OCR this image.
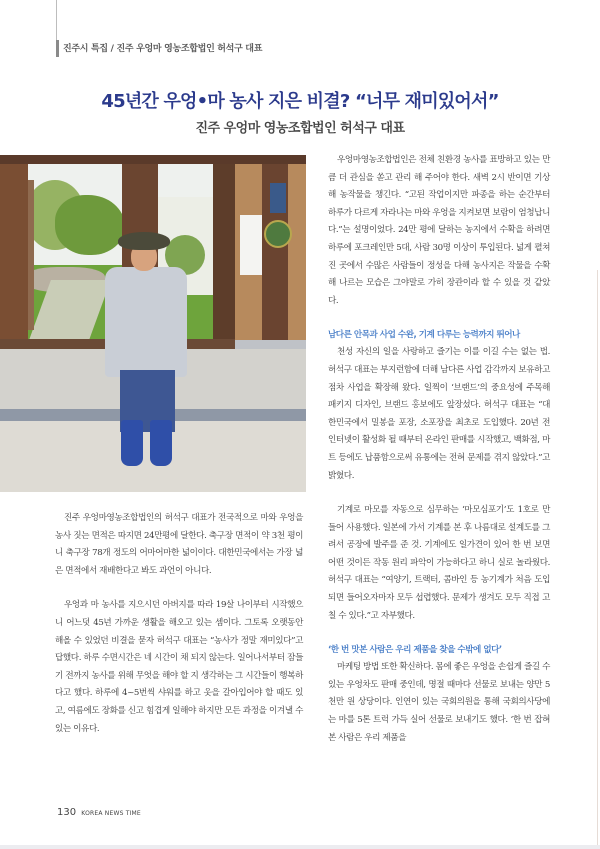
진주시 특집 / 진주 우엉마 영농조합법인 허석구 대표
45년간 우엉•마 농사 지은 비결? “너무 재미있어서”
진주 우엉마 영농조합법인 허석구 대표

진주 우엉마영농조합법인의 허석구 대표가 전국적으로 마와 우엉을 농사 짓는 면적은 따지면 24만평에 달한다. 축구장 면적이 약 3천 평이니 축구장 78개 정도의 어마어마한 넓이이다. 대한민국에서는 가장 넓은 면적에서 재배한다고 봐도 과언이 아니다.

우엉과 마 농사를 지으시던 아버지를 따라 19살 나이부터 시작했으니 어느덧 45년 가까운 생활을 해오고 있는 셈이다. 그토록 오랫동안 해올 수 있었던 비결을 묻자 허석구 대표는 “농사가 정말 재미있다”고 답했다. 하루 수면시간은 네 시간이 채 되지 않는다. 일어나서부터 잠들기 전까지 농사를 위해 무엇을 해야 할 지 생각하는 그 시간들이 행복하다고 했다. 하루에 4~5번씩 샤워를 하고 옷을 갈아입어야 할 때도 있고, 여름에도 장화를 신고 힘겹게 일해야 하지만 모든 과정을 이겨낼 수 있는 이유다.

우엉마영농조합법인은 전체 친환경 농사를 표방하고 있는 만큼 더 관심을 쏟고 관리 해 주어야 한다. 새벽 2시 반이면 기상해 농작물을 챙긴다. “고된 작업이지만 파종을 하는 순간부터 하루가 다르게 자라나는 마와 우엉을 지켜보면 보람이 엄청납니다.”는 설명이었다. 24만 평에 달하는 농지에서 수확을 하려면 하루에 포크레인만 5대, 사람 30명 이상이 투입된다. 넓게 펼쳐진 곳에서 수많은 사람들이 정성을 다해 농사지은 작물을 수확해 나르는 모습은 그야말로 가히 장관이라 할 수 있을 것 같았다.

남다른 안목과 사업 수완, 기계 다루는 능력까지 뛰어나

천성 자신의 일을 사랑하고 즐기는 이를 이길 수는 없는 법. 허석구 대표는 부지런함에 더해 남다른 사업 감각까지 보유하고 점차 사업을 확장해 왔다. 일찍이 ‘브랜드’의 중요성에 주목해 패키지 디자인, 브랜드 홍보에도 앞장섰다. 허석구 대표는 “대한민국에서 밀봉을 포장, 소포장을 최초로 도입했다. 20년 전 인터넷이 활성화 될 때부터 온라인 판매를 시작했고, 백화점, 마트 등에도 납품함으로써 유통에는 전혀 문제를 겪지 않았다.”고 밝혔다.

기계로 마모를 자동으로 심무하는 ‘마모심포기’도 1호로 만들어 사용했다. 일본에 가서 기계를 본 후 나름대로 설계도를 그려서 공장에 발주를 준 것. 기계에도 일가견이 있어 한 번 보면 어떤 것이든 작동 원리 파악이 가능하다고 하니 실로 놀라웠다. 허석구 대표는 “여양기, 트랙터, 콤바인 등 농기계가 처음 도입되면 들어오자마자 모두 섭렵했다. 문제가 생겨도 모두 직접 고칠 수 있다.”고 자부했다.

‘한 번 맛본 사람은 우리 제품을 찾을 수밖에 없다’

마케팅 방법 또한 확신하다. 몸에 좋은 우엉을 손쉽게 즐길 수 있는 우엉차도 판매 중인데, 명절 때마다 선물로 보내는 양만 5천만 원 상당이다. 인연이 있는 국회의원을 통해 국회의사당에는 마를 5톤 트럭 가득 실어 선물로 보내기도 했다. ‘한 번 잡혀 본 사람은 우리 제품을

130 KOREA NEWS TIME
